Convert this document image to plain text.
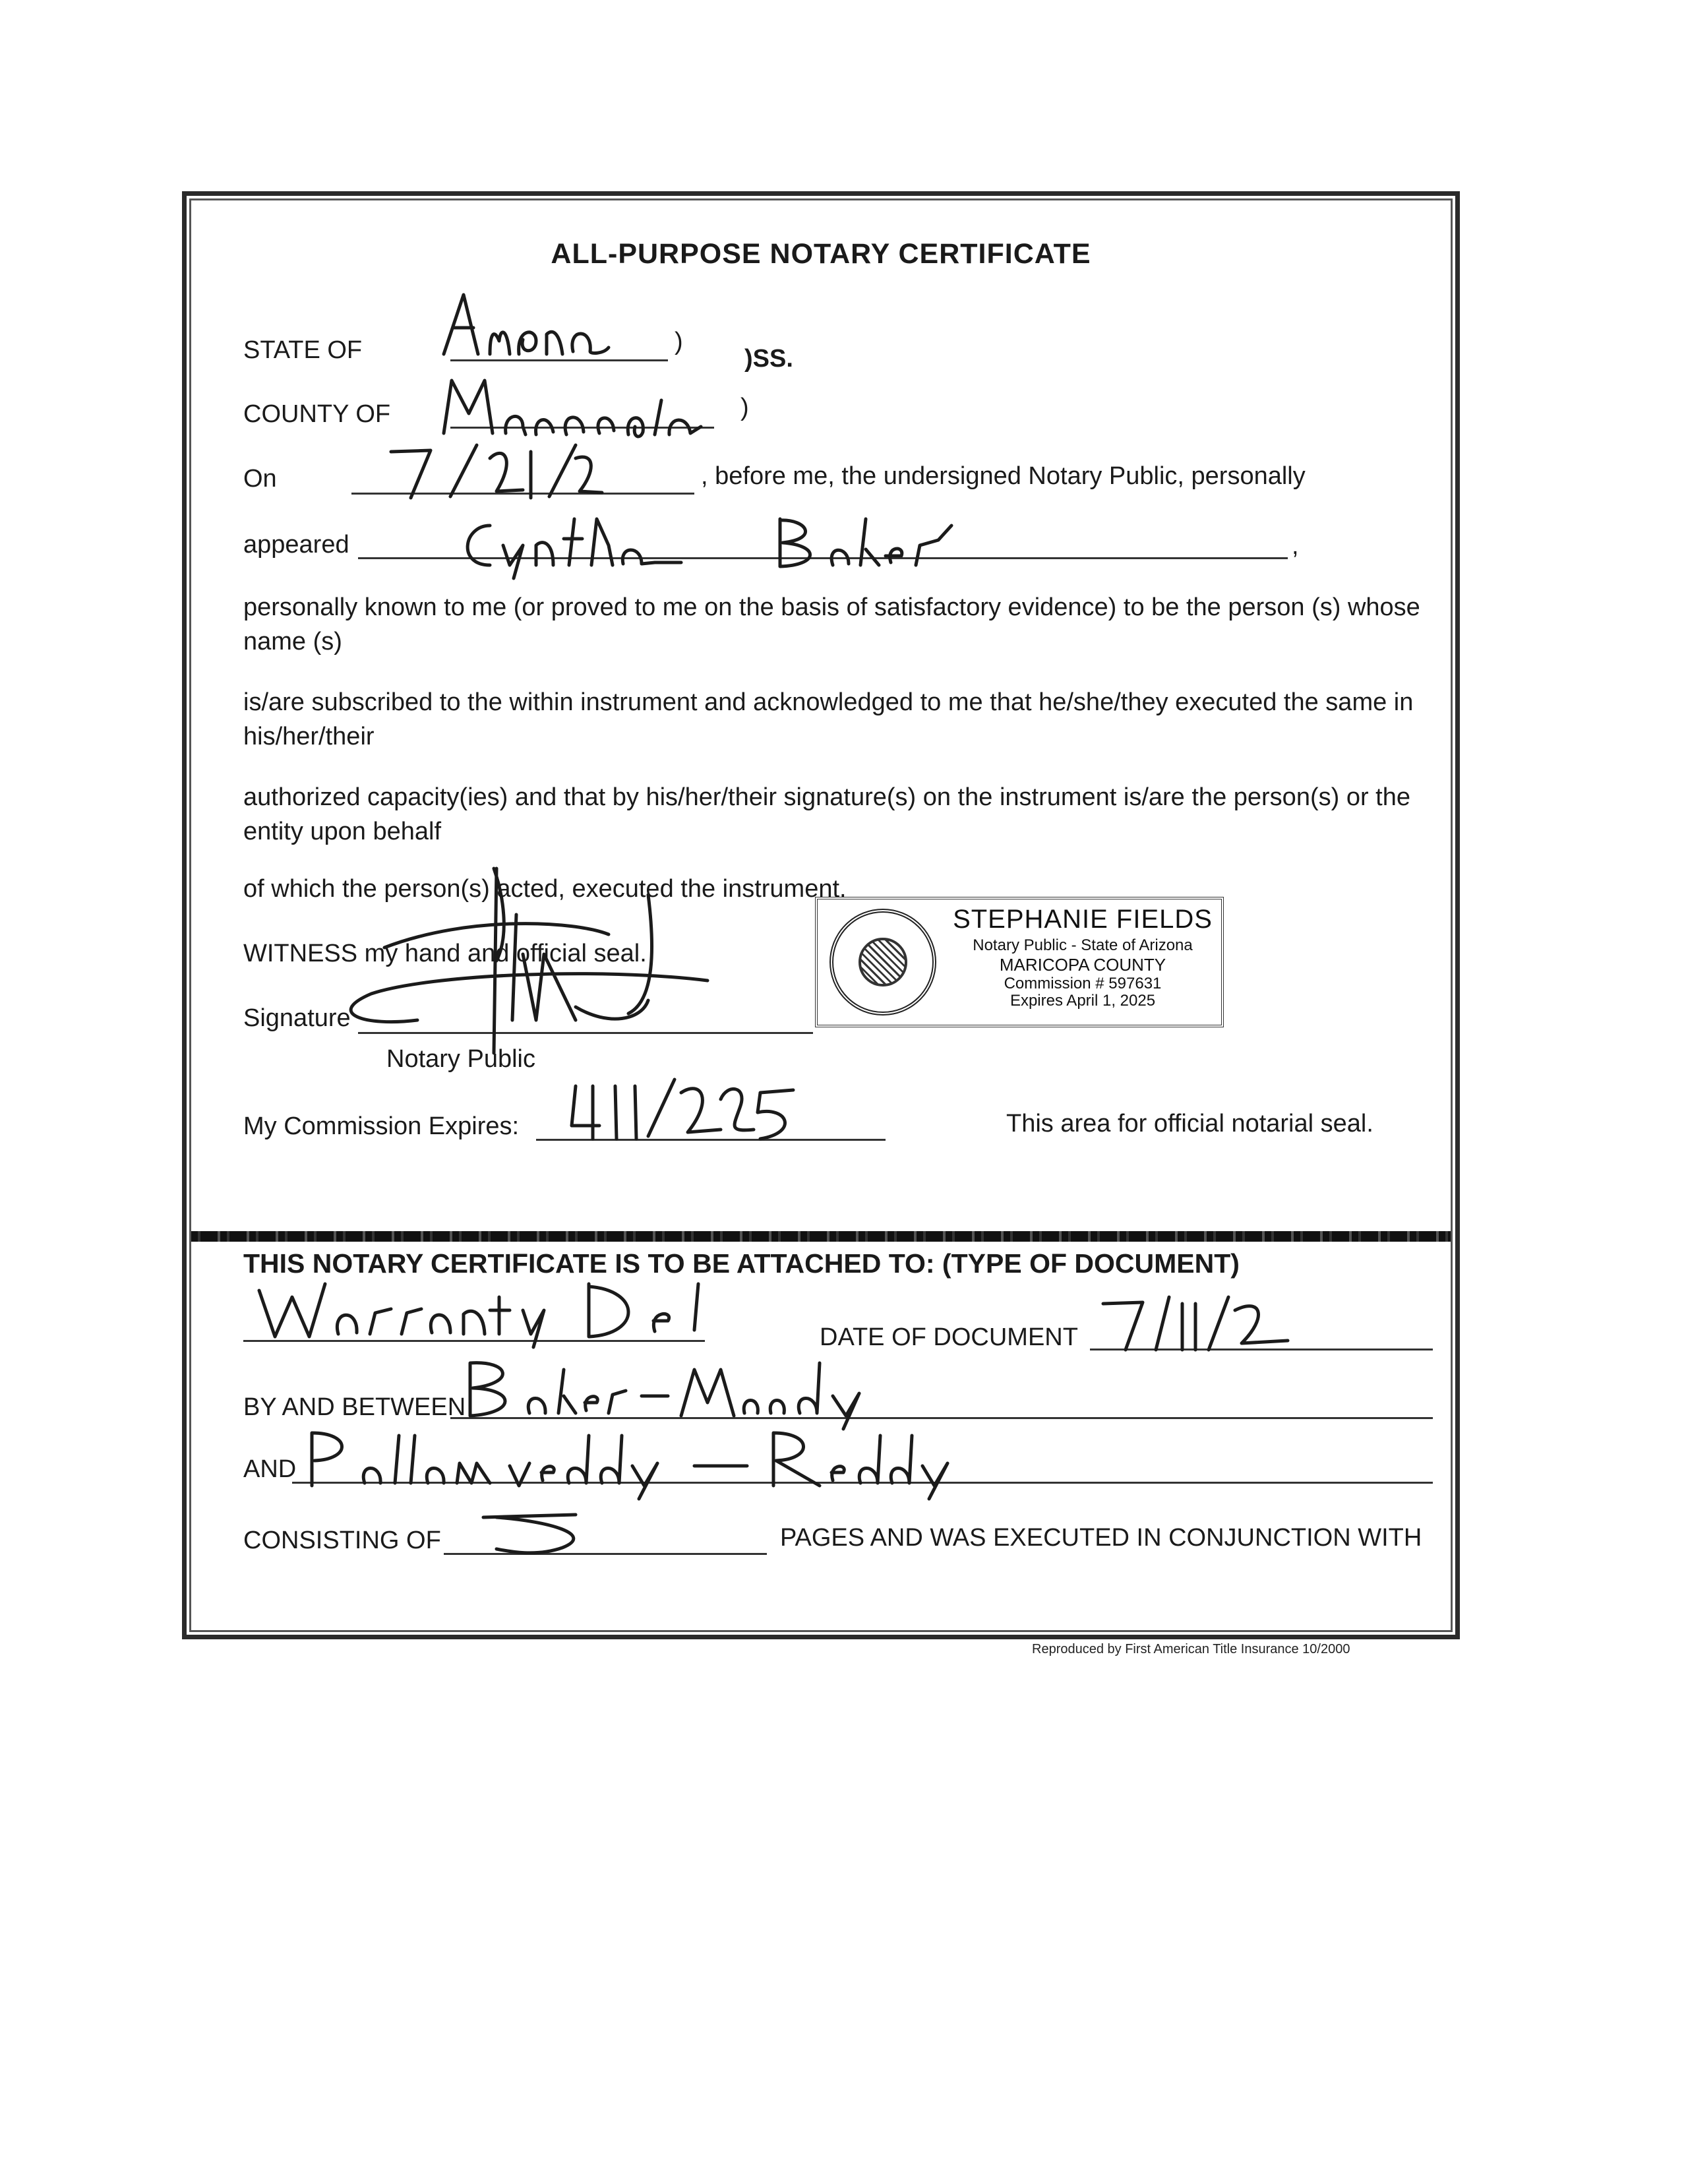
ALL-PURPOSE NOTARY CERTIFICATE
STATE OF	)
)SS.
COUNTY OF	)
On	, before me, the undersigned Notary Public, personally
appeared	,
personally known to me (or proved to me on the basis of satisfactory evidence) to be the person (s) whose name (s)
is/are subscribed to the within instrument and acknowledged to me that he/she/they executed the same in his/her/their
authorized capacity(ies) and that by his/her/their signature(s) on the instrument is/are the person(s) or the entity upon behalf
of which the person(s) acted, executed the instrument.
WITNESS my hand and official seal.
Signature
Notary Public
STEPHANIE FIELDS
Notary Public - State of Arizona
MARICOPA COUNTY
Commission # 597631
Expires April 1, 2025
My Commission Expires:	This area for official notarial seal.
THIS NOTARY CERTIFICATE IS TO BE ATTACHED TO: (TYPE OF DOCUMENT)
DATE OF DOCUMENT
BY AND BETWEEN
AND
CONSISTING OF	PAGES AND WAS EXECUTED IN CONJUNCTION WITH
Reproduced by First American Title Insurance 10/2000
